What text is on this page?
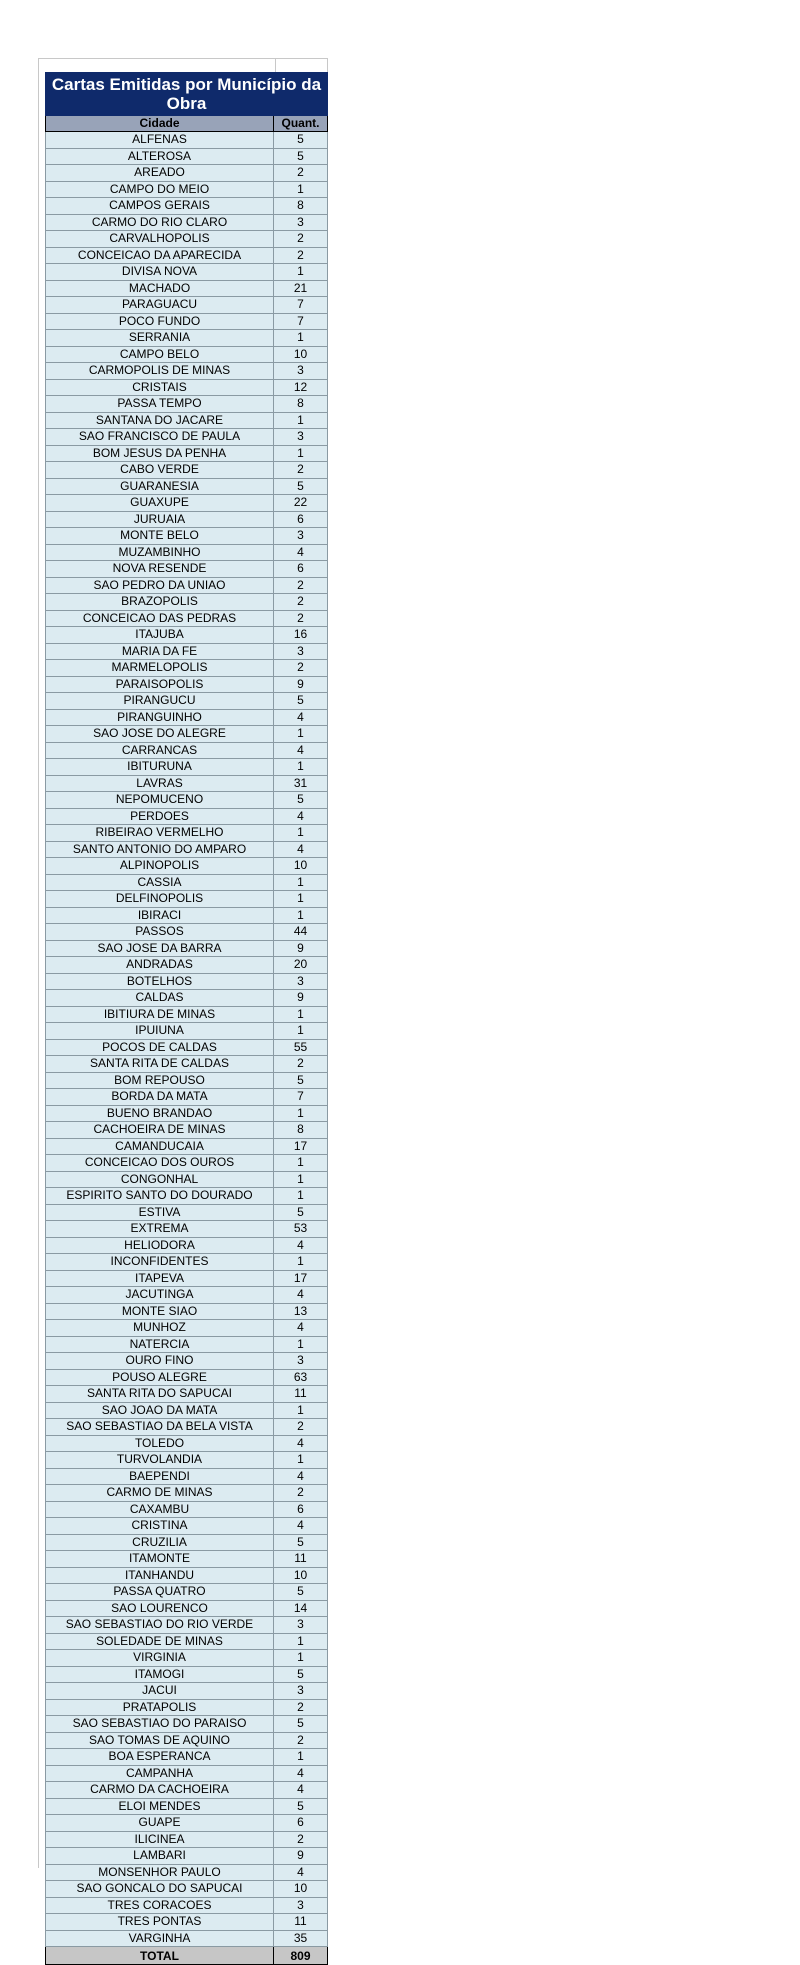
Cartas Emitidas por Município da Obra	
Cidade	Quant.
ALFENAS	5
ALTEROSA	5
AREADO	2
CAMPO DO MEIO	1
CAMPOS GERAIS	8
CARMO DO RIO CLARO	3
CARVALHOPOLIS	2
CONCEICAO DA APARECIDA	2
DIVISA NOVA	1
MACHADO	21
PARAGUACU	7
POCO FUNDO	7
SERRANIA	1
CAMPO BELO	10
CARMOPOLIS DE MINAS	3
CRISTAIS	12
PASSA TEMPO	8
SANTANA DO JACARE	1
SAO FRANCISCO DE PAULA	3
BOM JESUS DA PENHA	1
CABO VERDE	2
GUARANESIA	5
GUAXUPE	22
JURUAIA	6
MONTE BELO	3
MUZAMBINHO	4
NOVA RESENDE	6
SAO PEDRO DA UNIAO	2
BRAZOPOLIS	2
CONCEICAO DAS PEDRAS	2
ITAJUBA	16
MARIA DA FE	3
MARMELOPOLIS	2
PARAISOPOLIS	9
PIRANGUCU	5
PIRANGUINHO	4
SAO JOSE DO ALEGRE	1
CARRANCAS	4
IBITURUNA	1
LAVRAS	31
NEPOMUCENO	5
PERDOES	4
RIBEIRAO VERMELHO	1
SANTO ANTONIO DO AMPARO	4
ALPINOPOLIS	10
CASSIA	1
DELFINOPOLIS	1
IBIRACI	1
PASSOS	44
SAO JOSE DA BARRA	9
ANDRADAS	20
BOTELHOS	3
CALDAS	9
IBITIURA DE MINAS	1
IPUIUNA	1
POCOS DE CALDAS	55
SANTA RITA DE CALDAS	2
BOM REPOUSO	5
BORDA DA MATA	7
BUENO BRANDAO	1
CACHOEIRA DE MINAS	8
CAMANDUCAIA	17
CONCEICAO DOS OUROS	1
CONGONHAL	1
ESPIRITO SANTO DO DOURADO	1
ESTIVA	5
EXTREMA	53
HELIODORA	4
INCONFIDENTES	1
ITAPEVA	17
JACUTINGA	4
MONTE SIAO	13
MUNHOZ	4
NATERCIA	1
OURO FINO	3
POUSO ALEGRE	63
SANTA RITA DO SAPUCAI	11
SAO JOAO DA MATA	1
SAO SEBASTIAO DA BELA VISTA	2
TOLEDO	4
TURVOLANDIA	1
BAEPENDI	4
CARMO DE MINAS	2
CAXAMBU	6
CRISTINA	4
CRUZILIA	5
ITAMONTE	11
ITANHANDU	10
PASSA QUATRO	5
SAO LOURENCO	14
SAO SEBASTIAO DO RIO VERDE	3
SOLEDADE DE MINAS	1
VIRGINIA	1
ITAMOGI	5
JACUI	3
PRATAPOLIS	2
SAO SEBASTIAO DO PARAISO	5
SAO TOMAS DE AQUINO	2
BOA ESPERANCA	1
CAMPANHA	4
CARMO DA CACHOEIRA	4
ELOI MENDES	5
GUAPE	6
ILICINEA	2
LAMBARI	9
MONSENHOR PAULO	4
SAO GONCALO DO SAPUCAI	10
TRES CORACOES	3
TRES PONTAS	11
VARGINHA	35
TOTAL	809
